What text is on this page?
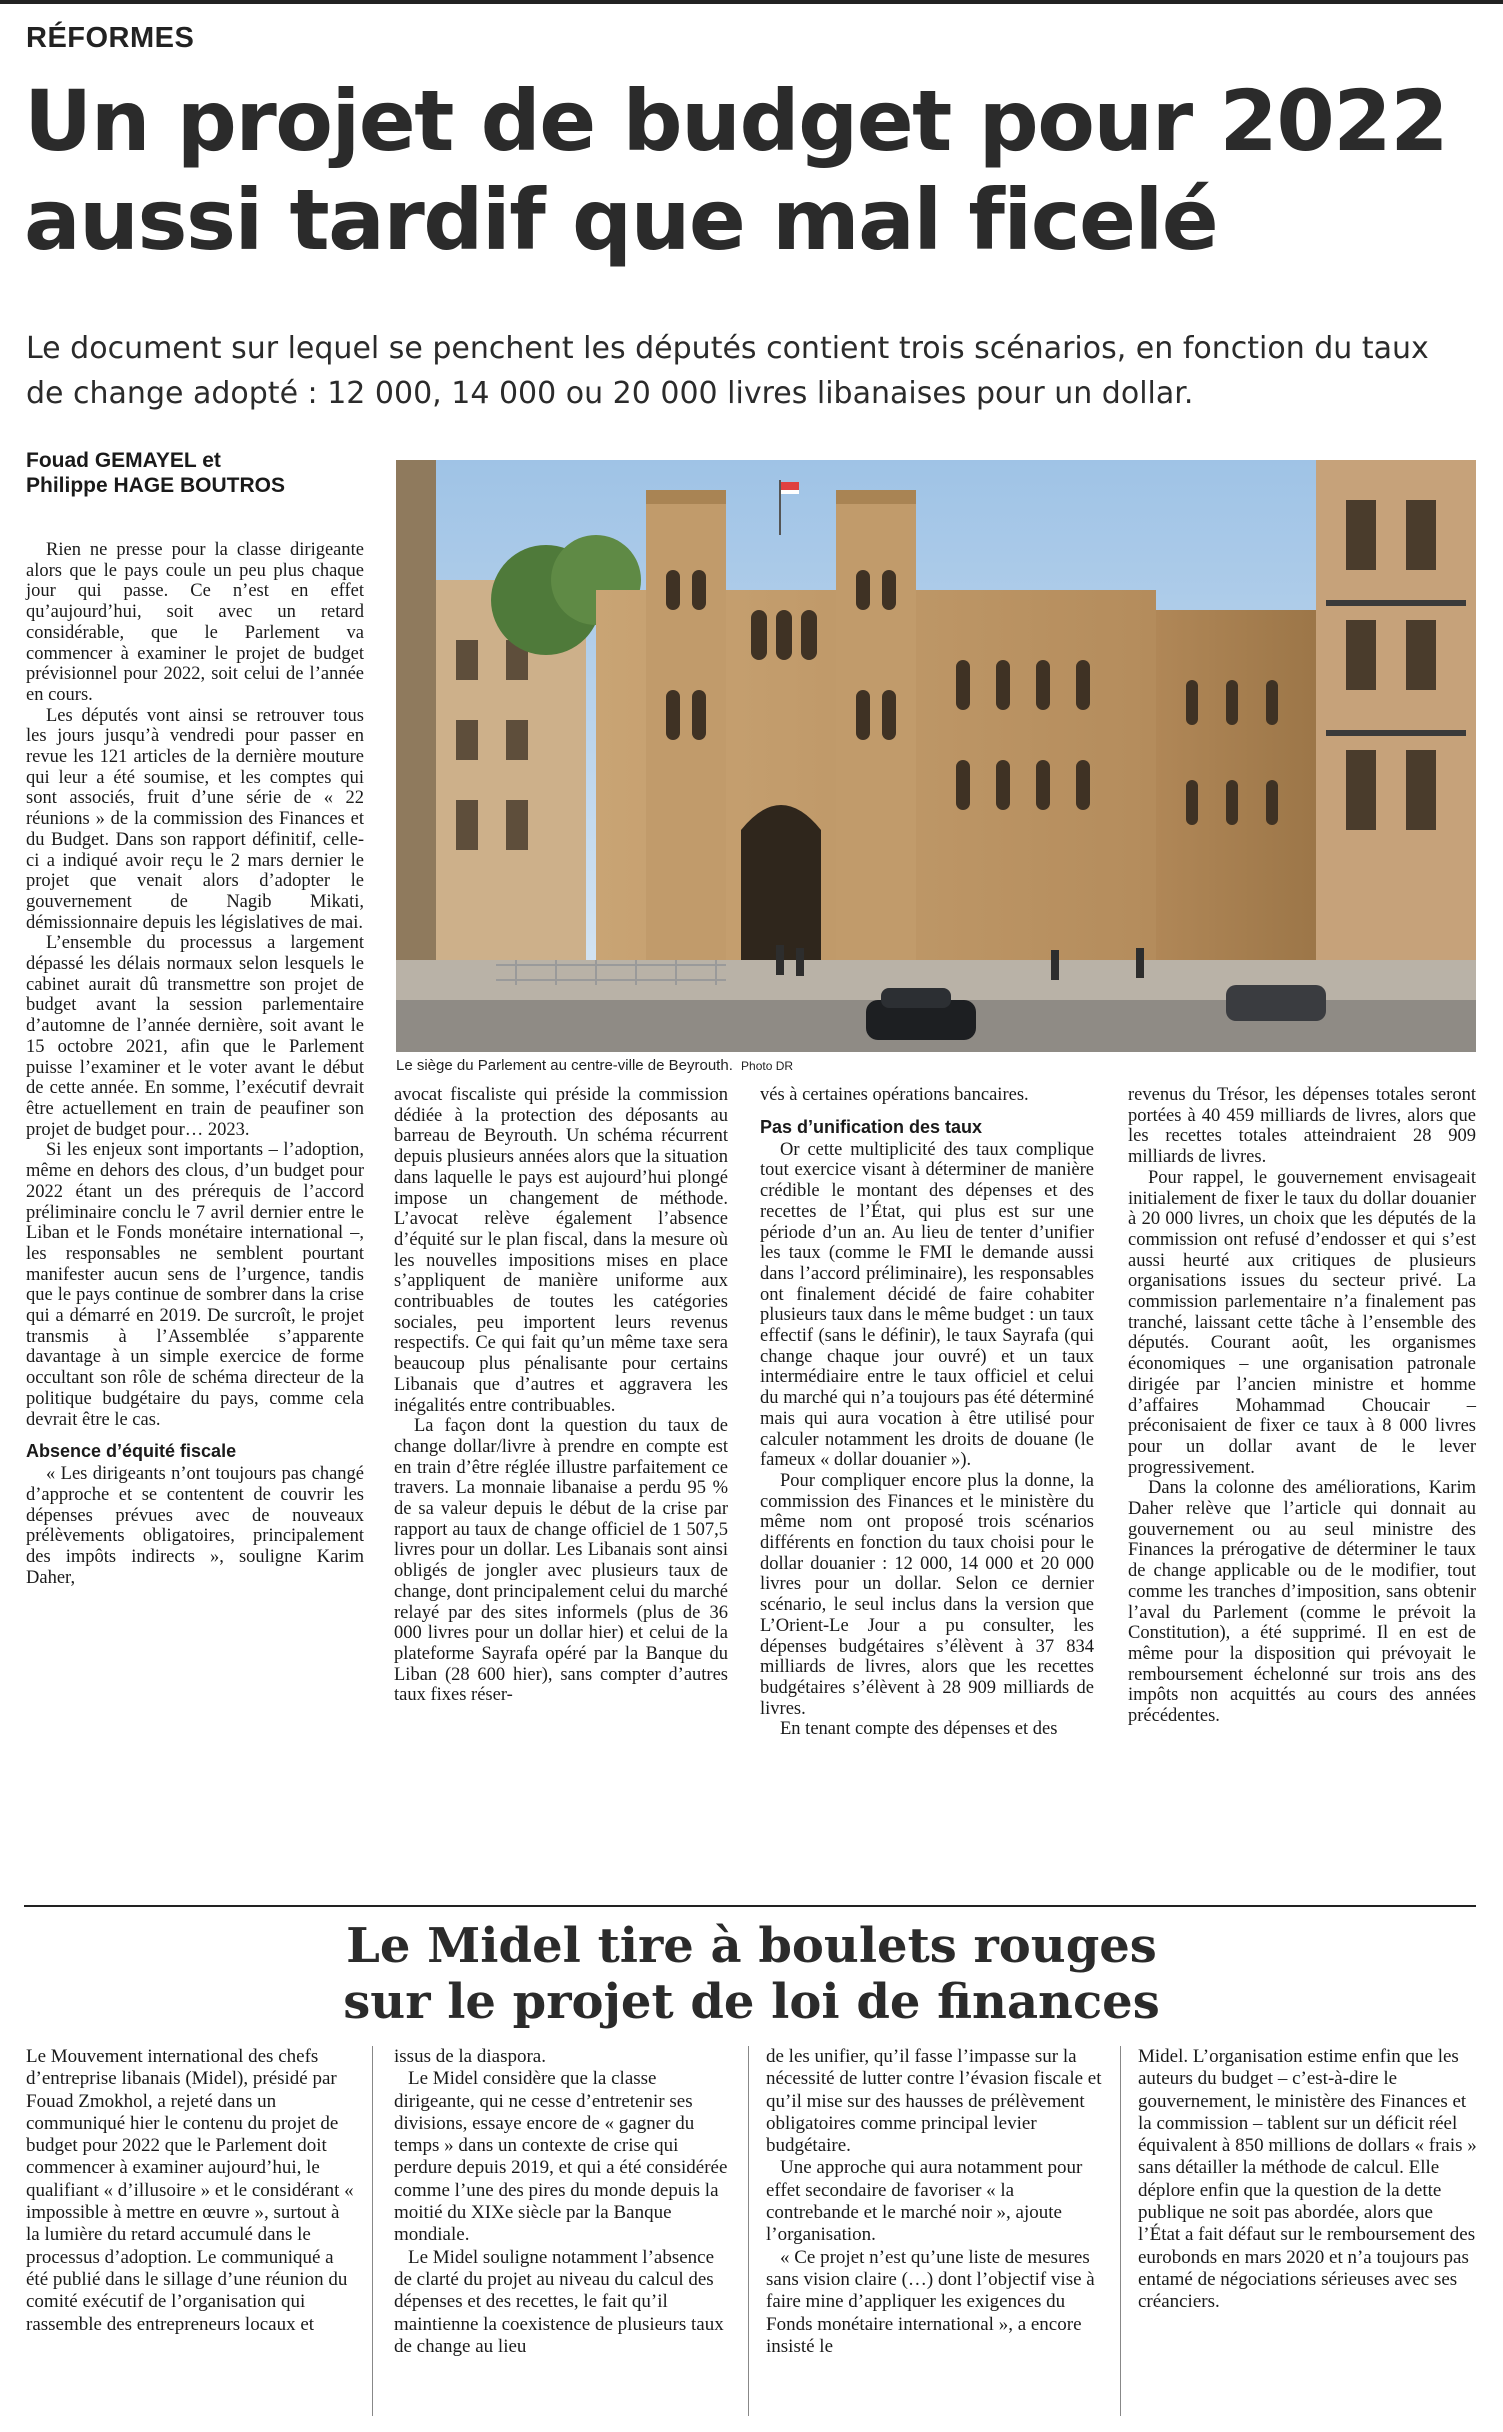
RÉFORMES
Un projet de budget pour 2022
aussi tardif que mal ficelé

Le document sur lequel se penchent les députés contient trois scénarios, en fonction du taux de change adopté : 12 000, 14 000 ou 20 000 livres libanaises pour un dollar.

Fouad GEMAYEL et
Philippe HAGE BOUTROS

Le siège du Parlement au centre-ville de Beyrouth. Photo DR

Rien ne presse pour la classe dirigeante alors que le pays coule un peu plus chaque jour qui passe. Ce n’est en effet qu’aujourd’hui, soit avec un retard considérable, que le Parlement va commencer à examiner le projet de budget prévisionnel pour 2022, soit celui de l’année en cours.

Les députés vont ainsi se retrouver tous les jours jusqu’à vendredi pour passer en revue les 121 articles de la dernière mouture qui leur a été soumise, et les comptes qui sont associés, fruit d’une série de « 22 réunions » de la commission des Finances et du Budget. Dans son rapport définitif, celle-ci a indiqué avoir reçu le 2 mars dernier le projet que venait alors d’adopter le gouvernement de Nagib Mikati, démissionnaire depuis les législatives de mai.

L’ensemble du processus a largement dépassé les délais normaux selon lesquels le cabinet aurait dû transmettre son projet de budget avant la session parlementaire d’automne de l’année dernière, soit avant le 15 octobre 2021, afin que le Parlement puisse l’examiner et le voter avant le début de cette année. En somme, l’exécutif devrait être actuellement en train de peaufiner son projet de budget pour… 2023.

Si les enjeux sont importants – l’adoption, même en dehors des clous, d’un budget pour 2022 étant un des prérequis de l’accord préliminaire conclu le 7 avril dernier entre le Liban et le Fonds monétaire international –, les responsables ne semblent pourtant manifester aucun sens de l’urgence, tandis que le pays continue de sombrer dans la crise qui a démarré en 2019. De surcroît, le projet transmis à l’Assemblée s’apparente davantage à un simple exercice de forme occultant son rôle de schéma directeur de la politique budgétaire du pays, comme cela devrait être le cas.

Absence d’équité fiscale

« Les dirigeants n’ont toujours pas changé d’approche et se contentent de couvrir les dépenses prévues avec de nouveaux prélèvements obligatoires, principalement des impôts indirects », souligne Karim Daher,

avocat fiscaliste qui préside la commission dédiée à la protection des déposants au barreau de Beyrouth. Un schéma récurrent depuis plusieurs années alors que la situation dans laquelle le pays est aujourd’hui plongé impose un changement de méthode. L’avocat relève également l’absence d’équité sur le plan fiscal, dans la mesure où les nouvelles impositions mises en place s’appliquent de manière uniforme aux contribuables de toutes les catégories sociales, peu importent leurs revenus respectifs. Ce qui fait qu’un même taxe sera beaucoup plus pénalisante pour certains Libanais que d’autres et aggravera les inégalités entre contribuables.

La façon dont la question du taux de change dollar/livre à prendre en compte est en train d’être réglée illustre parfaitement ce travers. La monnaie libanaise a perdu 95 % de sa valeur depuis le début de la crise par rapport au taux de change officiel de 1 507,5 livres pour un dollar. Les Libanais sont ainsi obligés de jongler avec plusieurs taux de change, dont principalement celui du marché relayé par des sites informels (plus de 36 000 livres pour un dollar hier) et celui de la plateforme Sayrafa opéré par la Banque du Liban (28 600 hier), sans compter d’autres taux fixes réser-

vés à certaines opérations bancaires.

Pas d’unification des taux

Or cette multiplicité des taux complique tout exercice visant à déterminer de manière crédible le montant des dépenses et des recettes de l’État, qui plus est sur une période d’un an. Au lieu de tenter d’unifier les taux (comme le FMI le demande aussi dans l’accord préliminaire), les responsables ont finalement décidé de faire cohabiter plusieurs taux dans le même budget : un taux effectif (sans le définir), le taux Sayrafa (qui change chaque jour ouvré) et un taux intermédiaire entre le taux officiel et celui du marché qui n’a toujours pas été déterminé mais qui aura vocation à être utilisé pour calculer notamment les droits de douane (le fameux « dollar douanier »).

Pour compliquer encore plus la donne, la commission des Finances et le ministère du même nom ont proposé trois scénarios différents en fonction du taux choisi pour le dollar douanier : 12 000, 14 000 et 20 000 livres pour un dollar. Selon ce dernier scénario, le seul inclus dans la version que L’Orient-Le Jour a pu consulter, les dépenses budgétaires s’élèvent à 37 834 milliards de livres, alors que les recettes budgétaires s’élèvent à 28 909 milliards de livres.

En tenant compte des dépenses et des

revenus du Trésor, les dépenses totales seront portées à 40 459 milliards de livres, alors que les recettes totales atteindraient 28 909 milliards de livres.

Pour rappel, le gouvernement envisageait initialement de fixer le taux du dollar douanier à 20 000 livres, un choix que les députés de la commission ont refusé d’endosser et qui s’est aussi heurté aux critiques de plusieurs organisations issues du secteur privé. La commission parlementaire n’a finalement pas tranché, laissant cette tâche à l’ensemble des députés. Courant août, les organismes économiques – une organisation patronale dirigée par l’ancien ministre et homme d’affaires Mohammad Choucair – préconisaient de fixer ce taux à 8 000 livres pour un dollar avant de le lever progressivement.

Dans la colonne des améliorations, Karim Daher relève que l’article qui donnait au gouvernement ou au seul ministre des Finances la prérogative de déterminer le taux de change applicable ou de le modifier, tout comme les tranches d’imposition, sans obtenir l’aval du Parlement (comme le prévoit la Constitution), a été supprimé. Il en est de même pour la disposition qui prévoyait le remboursement échelonné sur trois ans des impôts non acquittés au cours des années précédentes.

Le Midel tire à boulets rouges
sur le projet de loi de finances

Le Mouvement international des chefs d’entreprise libanais (Midel), présidé par Fouad Zmokhol, a rejeté dans un communiqué hier le contenu du projet de budget pour 2022 que le Parlement doit commencer à examiner aujourd’hui, le qualifiant « d’illusoire » et le considérant « impossible à mettre en œuvre », surtout à la lumière du retard accumulé dans le processus d’adoption. Le communiqué a été publié dans le sillage d’une réunion du comité exécutif de l’organisation qui rassemble des entrepreneurs locaux et

issus de la diaspora.

Le Midel considère que la classe dirigeante, qui ne cesse d’entretenir ses divisions, essaye encore de « gagner du temps » dans un contexte de crise qui perdure depuis 2019, et qui a été considérée comme l’une des pires du monde depuis la moitié du XIXe siècle par la Banque mondiale.

Le Midel souligne notamment l’absence de clarté du projet au niveau du calcul des dépenses et des recettes, le fait qu’il maintienne la coexistence de plusieurs taux de change au lieu

de les unifier, qu’il fasse l’impasse sur la nécessité de lutter contre l’évasion fiscale et qu’il mise sur des hausses de prélèvement obligatoires comme principal levier budgétaire.

Une approche qui aura notamment pour effet secondaire de favoriser « la contrebande et le marché noir », ajoute l’organisation.

« Ce projet n’est qu’une liste de mesures sans vision claire (…) dont l’objectif vise à faire mine d’appliquer les exigences du Fonds monétaire international », a encore insisté le

Midel. L’organisation estime enfin que les auteurs du budget – c’est-à-dire le gouvernement, le ministère des Finances et la commission – tablent sur un déficit réel équivalent à 850 millions de dollars « frais » sans détailler la méthode de calcul. Elle déplore enfin que la question de la dette publique ne soit pas abordée, alors que l’État a fait défaut sur le remboursement des eurobonds en mars 2020 et n’a toujours pas entamé de négociations sérieuses avec ses créanciers.
